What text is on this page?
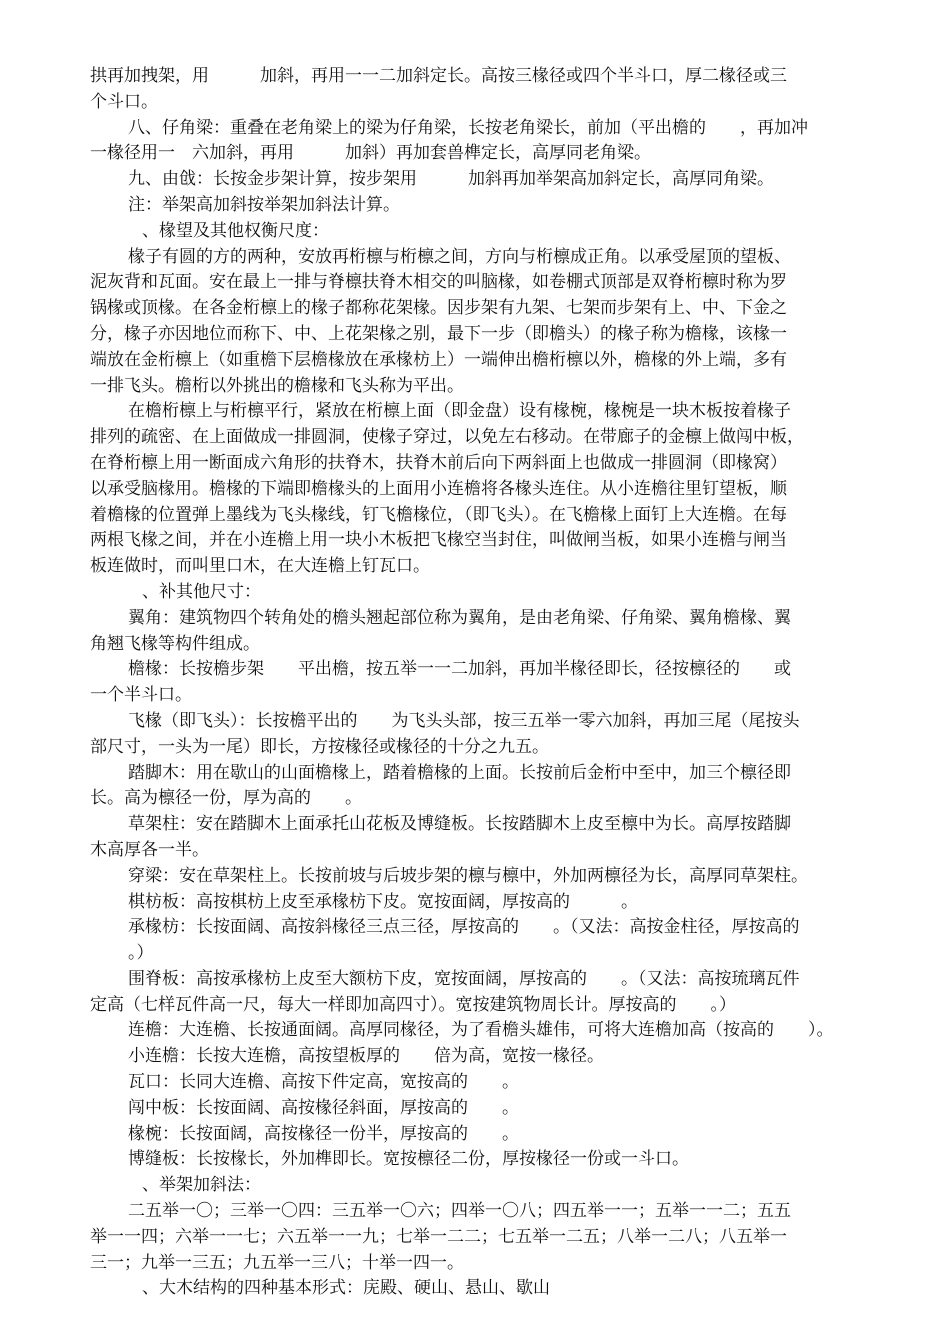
拱再加拽架，用　　　加斜，再用一一二加斜定长。高按三椽径或四个半斗口，厚二椽径或三

个斗口。

八、仔角梁：重叠在老角梁上的梁为仔角梁，长按老角梁长，前加（平出檐的　　，再加冲

一椽径用一　六加斜，再用　　　加斜）再加套兽榫定长，高厚同老角梁。

九、由戗：长按金步架计算，按步架用　　　加斜再加举架高加斜定长，高厚同角梁。

注：举架高加斜按举架加斜法计算。

、椽望及其他权衡尺度：

椽子有圆的方的两种，安放再桁檩与桁檩之间，方向与桁檩成正角。以承受屋顶的望板、

泥灰背和瓦面。安在最上一排与脊檩扶脊木相交的叫脑椽，如卷棚式顶部是双脊桁檩时称为罗

锅椽或顶椽。在各金桁檩上的椽子都称花架椽。因步架有九架、七架而步架有上、中、下金之

分，椽子亦因地位而称下、中、上花架椽之别，最下一步（即檐头）的椽子称为檐椽，该椽一

端放在金桁檩上（如重檐下层檐椽放在承椽枋上）一端伸出檐桁檩以外，檐椽的外上端，多有

一排飞头。檐桁以外挑出的檐椽和飞头称为平出。

在檐桁檩上与桁檩平行，紧放在桁檩上面（即金盘）设有椽椀，椽椀是一块木板按着椽子

排列的疏密、在上面做成一排圆洞，使椽子穿过，以免左右移动。在带廊子的金檩上做闯中板，

在脊桁檩上用一断面成六角形的扶脊木，扶脊木前后向下两斜面上也做成一排圆洞（即椽窝）

以承受脑椽用。檐椽的下端即檐椽头的上面用小连檐将各椽头连住。从小连檐往里钉望板，顺

着檐椽的位置弹上墨线为飞头椽线，钉飞檐椽位，（即飞头）。在飞檐椽上面钉上大连檐。在每

两根飞椽之间，并在小连檐上用一块小木板把飞椽空当封住，叫做闸当板，如果小连檐与闸当

板连做时，而叫里口木，在大连檐上钉瓦口。

、补其他尺寸：

翼角：建筑物四个转角处的檐头翘起部位称为翼角，是由老角梁、仔角梁、翼角檐椽、翼

角翘飞椽等构件组成。

檐椽：长按檐步架　　平出檐，按五举一一二加斜，再加半椽径即长，径按檩径的　　或

一个半斗口。

飞椽（即飞头）：长按檐平出的　　为飞头头部，按三五举一零六加斜，再加三尾（尾按头

部尺寸，一头为一尾）即长，方按椽径或椽径的十分之九五。

踏脚木：用在歇山的山面檐椽上，踏着檐椽的上面。长按前后金桁中至中，加三个檩径即

长。高为檩径一份，厚为高的　　。

草架柱：安在踏脚木上面承托山花板及博缝板。长按踏脚木上皮至檩中为长。高厚按踏脚

木高厚各一半。

穿梁：安在草架柱上。长按前坡与后坡步架的檩与檩中，外加两檩径为长，高厚同草架柱。

棋枋板：高按棋枋上皮至承椽枋下皮。宽按面阔，厚按高的　　　。

承椽枋：长按面阔、高按斜椽径三点三径，厚按高的　　。（又法：高按金柱径，厚按高的

。）

围脊板：高按承椽枋上皮至大额枋下皮，宽按面阔，厚按高的　　。（又法：高按琉璃瓦件

定高（七样瓦件高一尺，每大一样即加高四寸）。宽按建筑物周长计。厚按高的　　。）

连檐：大连檐、长按通面阔。高厚同椽径，为了看檐头雄伟，可将大连檐加高（按高的　　）。

小连檐：长按大连檐，高按望板厚的　　倍为高，宽按一椽径。

瓦口：长同大连檐、高按下件定高，宽按高的　　。

闯中板：长按面阔、高按椽径斜面，厚按高的　　。

椽椀：长按面阔，高按椽径一份半，厚按高的　　。

博缝板：长按椽长，外加榫即长。宽按檩径二份，厚按椽径一份或一斗口。

、举架加斜法：

二五举一〇；三举一〇四：三五举一〇六；四举一〇八；四五举一一；五举一一二；五五

举一一四；六举一一七；六五举一一九；七举一二二；七五举一二五；八举一二八；八五举一

三一；九举一三五；九五举一三八；十举一四一。

、大木结构的四种基本形式：庑殿、硬山、悬山、歇山
